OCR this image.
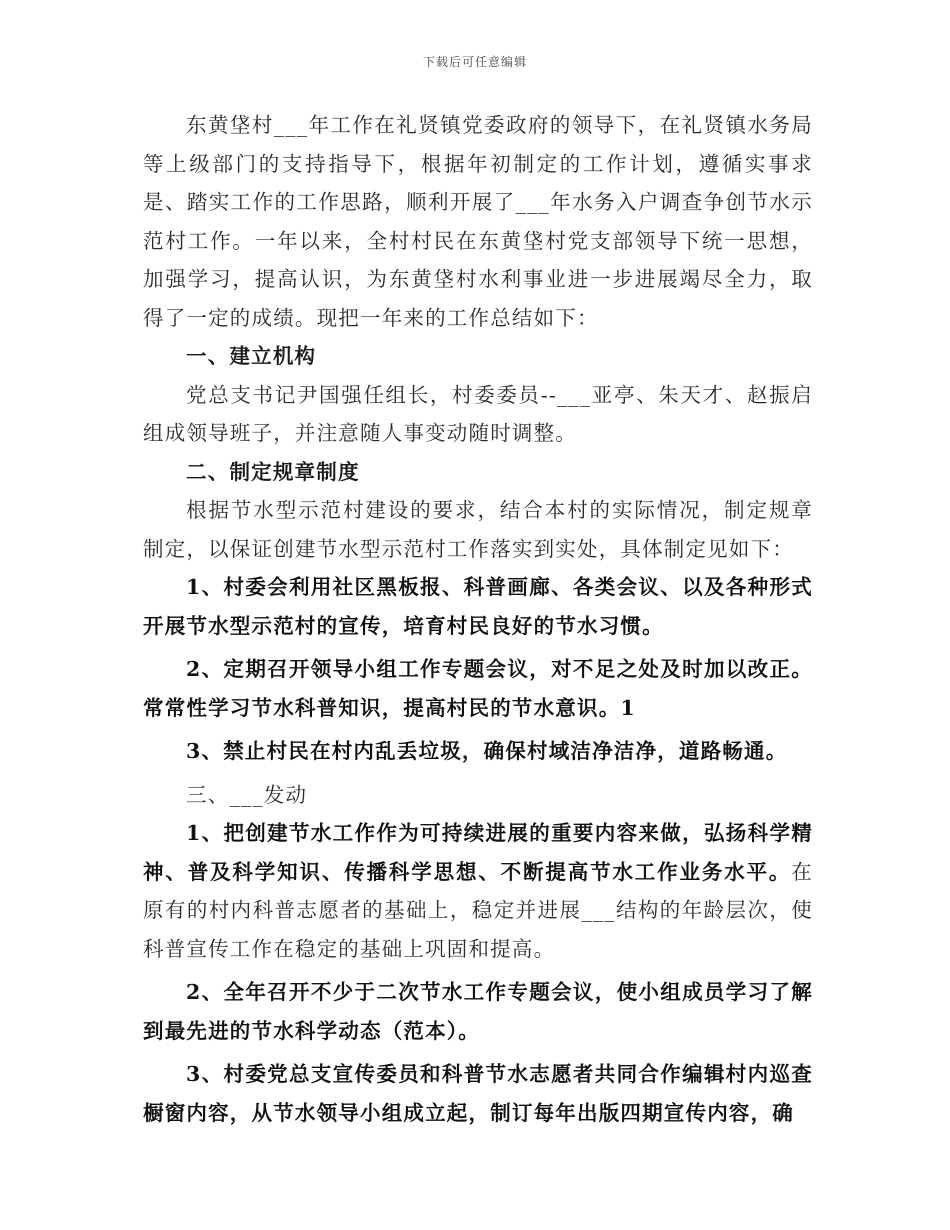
下载后可任意编辑

东黄垡村___年工作在礼贤镇党委政府的领导下，在礼贤镇水务局等上级部门的支持指导下，根据年初制定的工作计划，遵循实事求是、踏实工作的工作思路，顺利开展了___年水务入户调查争创节水示范村工作。一年以来，全村村民在东黄垡村党支部领导下统一思想，加强学习，提高认识，为东黄垡村水利事业进一步进展竭尽全力，取得了一定的成绩。现把一年来的工作总结如下：

一、建立机构

党总支书记尹国强任组长，村委委员--___亚亭、朱天才、赵振启组成领导班子，并注意随人事变动随时调整。

二、制定规章制度

根据节水型示范村建设的要求，结合本村的实际情况，制定规章制定，以保证创建节水型示范村工作落实到实处，具体制定见如下：

1、村委会利用社区黑板报、科普画廊、各类会议、以及各种形式开展节水型示范村的宣传，培育村民良好的节水习惯。

2、定期召开领导小组工作专题会议，对不足之处及时加以改正。常常性学习节水科普知识，提高村民的节水意识。1

3、禁止村民在村内乱丢垃圾，确保村域洁净洁净，道路畅通。

三、___发动

1、把创建节水工作作为可持续进展的重要内容来做，弘扬科学精神、普及科学知识、传播科学思想、不断提高节水工作业务水平。在原有的村内科普志愿者的基础上，稳定并进展___结构的年龄层次，使科普宣传工作在稳定的基础上巩固和提高。

2、全年召开不少于二次节水工作专题会议，使小组成员学习了解到最先进的节水科学动态（范本）。

3、村委党总支宣传委员和科普节水志愿者共同合作编辑村内巡查橱窗内容，从节水领导小组成立起，制订每年出版四期宣传内容，确
